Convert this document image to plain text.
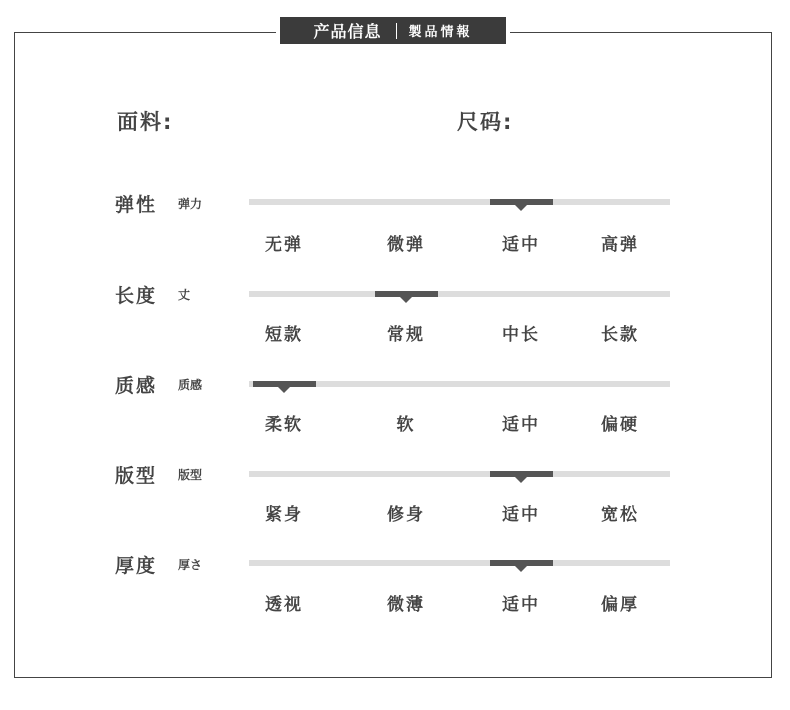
产品信息 製品情報
面料:	尺码:
弹性 弹力
无弹	微弹	适中	高弹
长度 丈
短款	常规	中长	长款
质感 质感
柔软	软	适中	偏硬
版型 版型
紧身	修身	适中	宽松
厚度 厚さ
透视	微薄	适中	偏厚
